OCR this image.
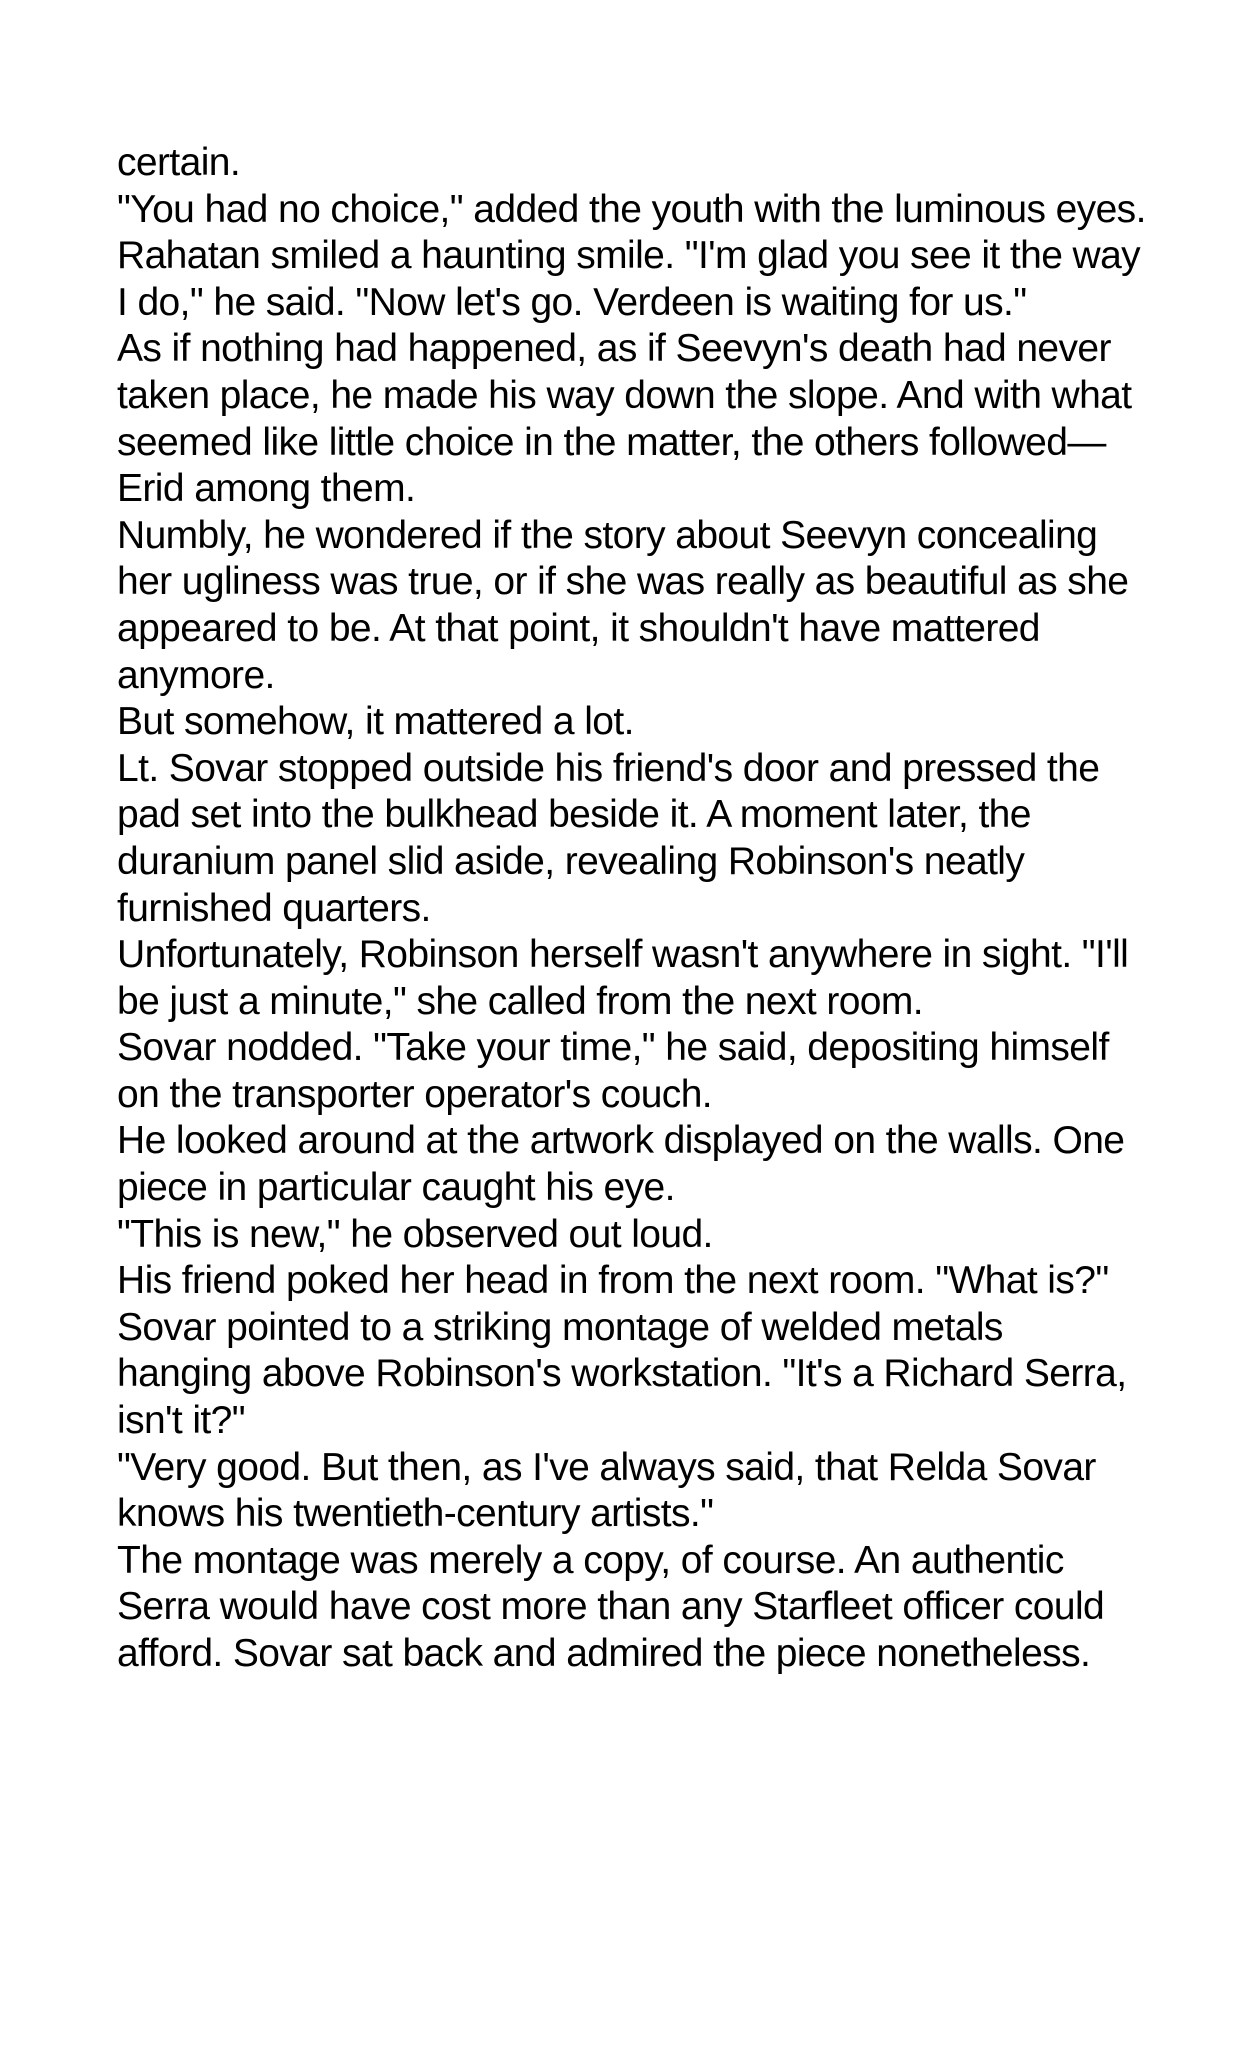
certain.

"You had no choice," added the youth with the luminous eyes.

Rahatan smiled a haunting smile. "I'm glad you see it the way I do," he said. "Now let's go. Verdeen is waiting for us."

As if nothing had happened, as if Seevyn's death had never taken place, he made his way down the slope. And with what seemed like little choice in the matter, the others followed—Erid among them.

Numbly, he wondered if the story about Seevyn concealing her ugliness was true, or if she was really as beautiful as she appeared to be. At that point, it shouldn't have mattered anymore.

But somehow, it mattered a lot.

Lt. Sovar stopped outside his friend's door and pressed the pad set into the bulkhead beside it. A moment later, the duranium panel slid aside, revealing Robinson's neatly furnished quarters.

Unfortunately, Robinson herself wasn't anywhere in sight. "I'll be just a minute," she called from the next room.

Sovar nodded. "Take your time," he said, depositing himself on the transporter operator's couch.

He looked around at the artwork displayed on the walls. One piece in particular caught his eye.

"This is new," he observed out loud.

His friend poked her head in from the next room. "What is?"

Sovar pointed to a striking montage of welded metals hanging above Robinson's workstation. "It's a Richard Serra, isn't it?"

"Very good. But then, as I've always said, that Relda Sovar knows his twentieth-century artists."

The montage was merely a copy, of course. An authentic Serra would have cost more than any Starfleet officer could afford. Sovar sat back and admired the piece nonetheless.
